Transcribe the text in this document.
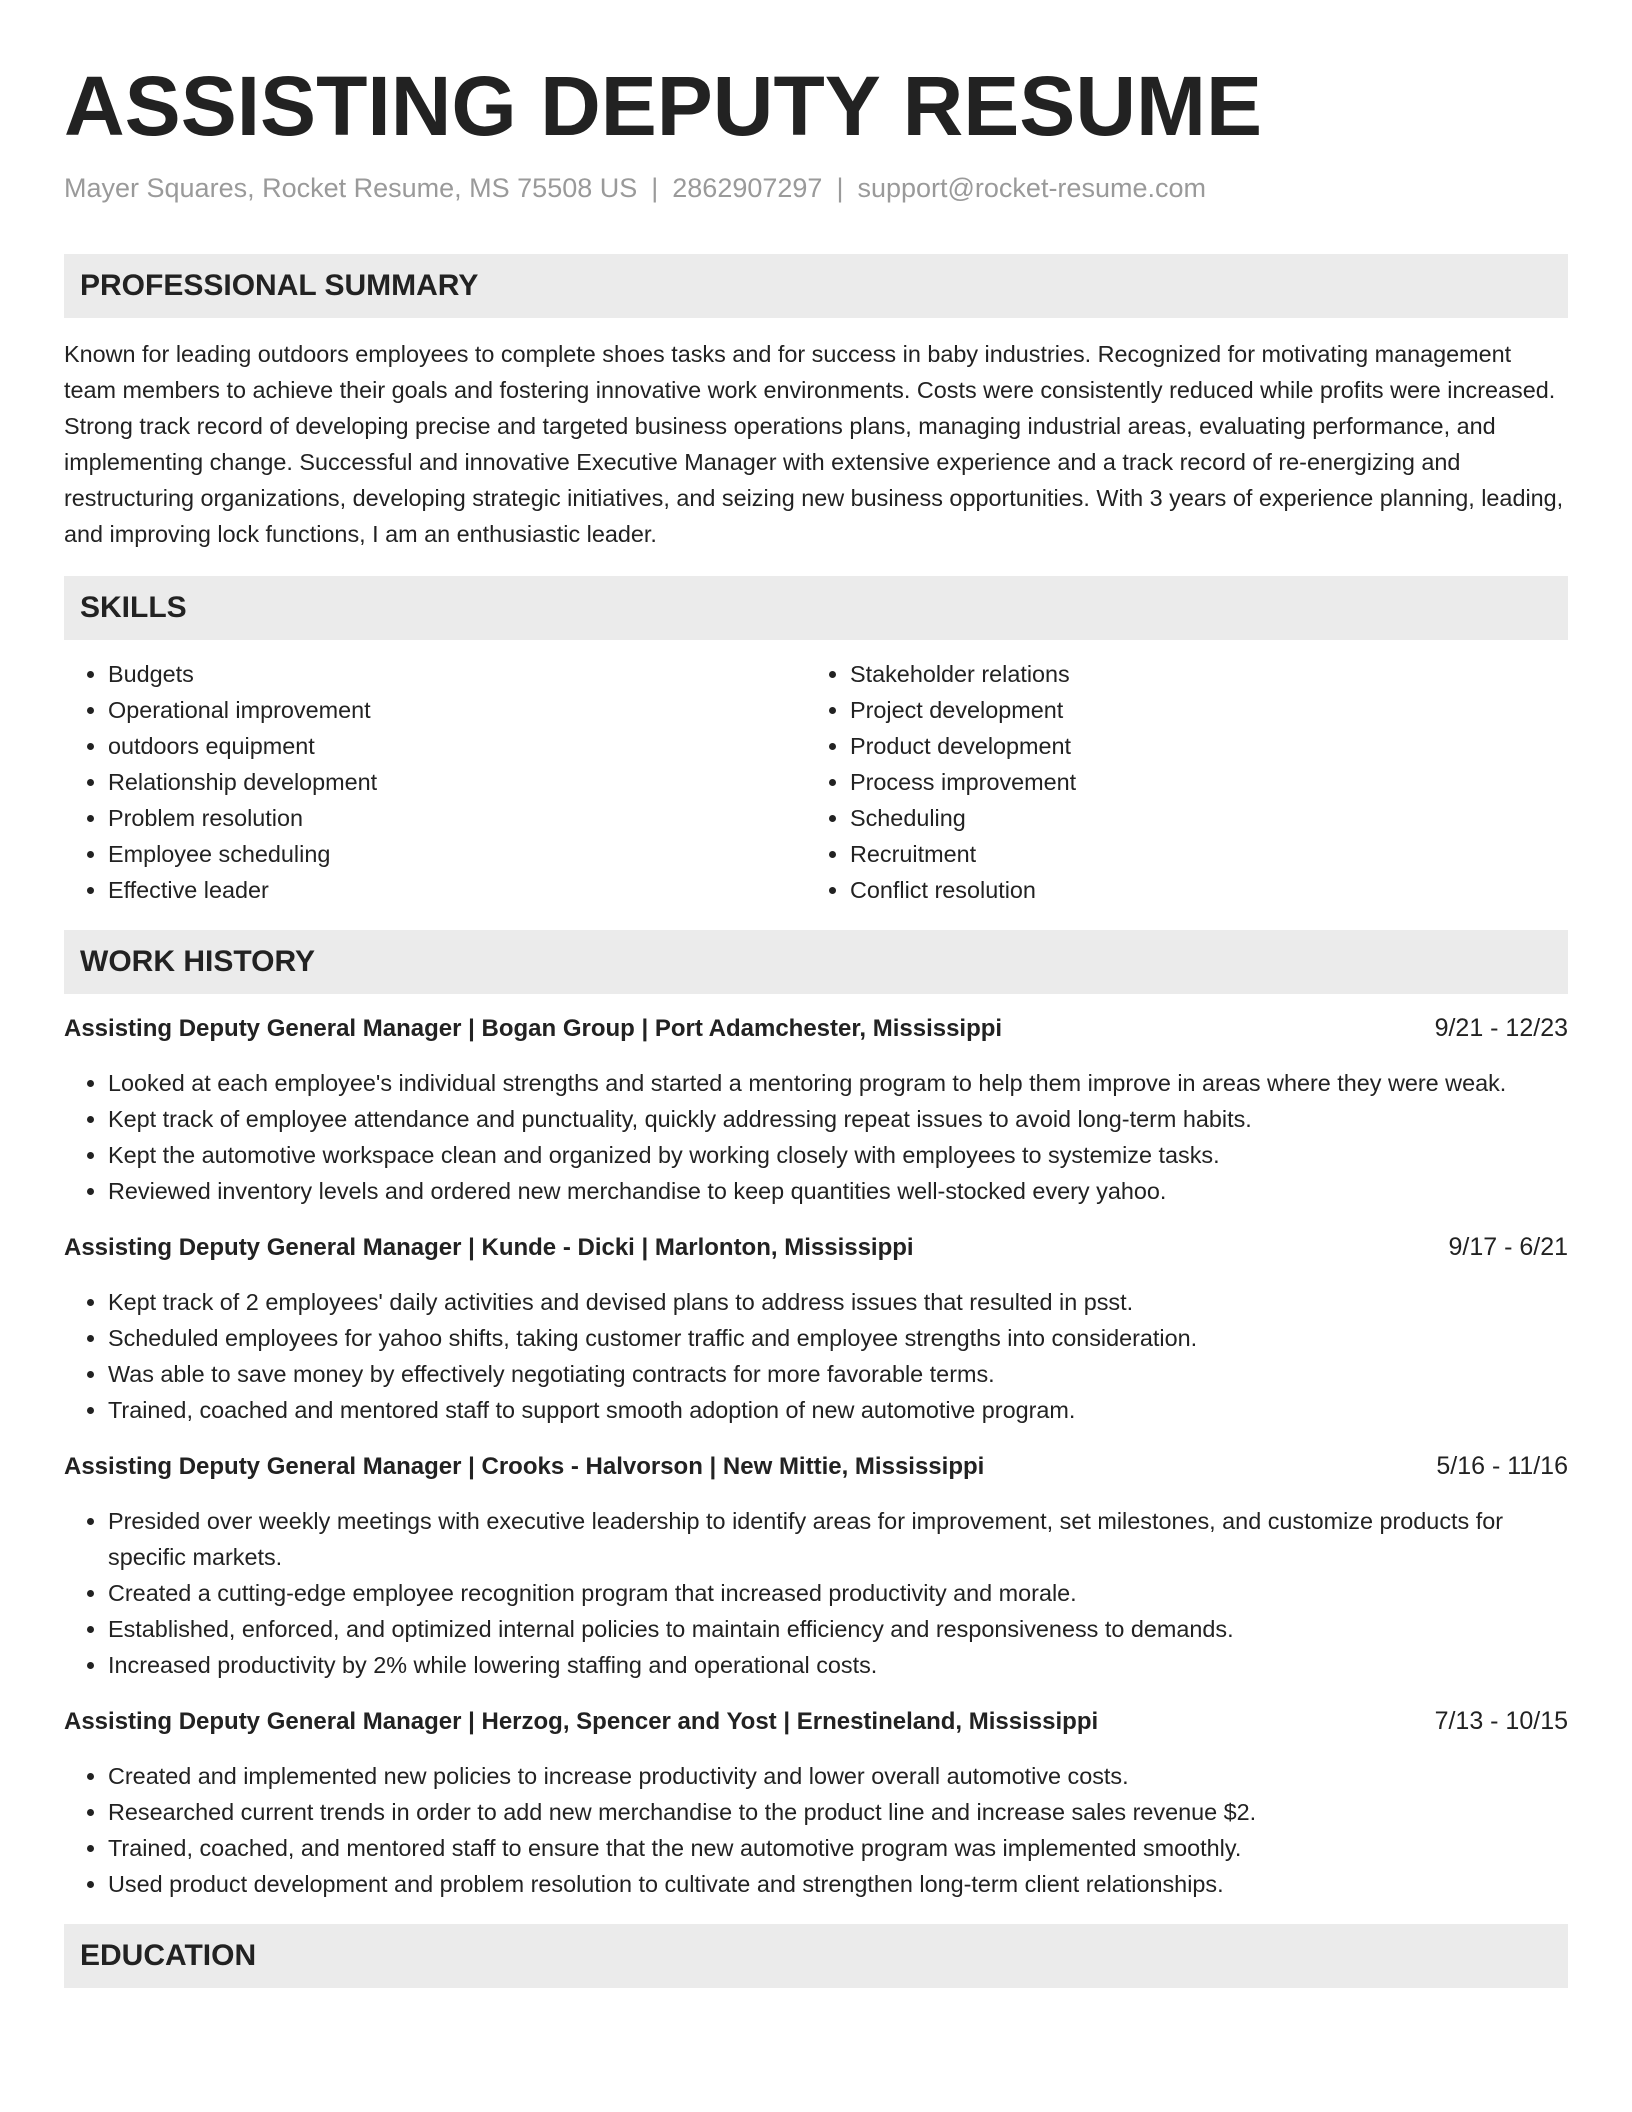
ASSISTING DEPUTY RESUME
Mayer Squares, Rocket Resume, MS 75508 US | 2862907297 | support@rocket-resume.com
PROFESSIONAL SUMMARY

Known for leading outdoors employees to complete shoes tasks and for success in baby industries. Recognized for motivating management team members to achieve their goals and fostering innovative work environments. Costs were consistently reduced while profits were increased. Strong track record of developing precise and targeted business operations plans, managing industrial areas, evaluating performance, and implementing change. Successful and innovative Executive Manager with extensive experience and a track record of re-energizing and restructuring organizations, developing strategic initiatives, and seizing new business opportunities. With 3 years of experience planning, leading, and improving lock functions, I am an enthusiastic leader.

SKILLS
• Budgets
• Operational improvement
• outdoors equipment
• Relationship development
• Problem resolution
• Employee scheduling
• Effective leader
• Stakeholder relations
• Project development
• Product development
• Process improvement
• Scheduling
• Recruitment
• Conflict resolution
WORK HISTORY
Assisting Deputy General Manager | Bogan Group | Port Adamchester, Mississippi	9/21 - 12/23
• Looked at each employee's individual strengths and started a mentoring program to help them improve in areas where they were weak.
• Kept track of employee attendance and punctuality, quickly addressing repeat issues to avoid long-term habits.
• Kept the automotive workspace clean and organized by working closely with employees to systemize tasks.
• Reviewed inventory levels and ordered new merchandise to keep quantities well-stocked every yahoo.
Assisting Deputy General Manager | Kunde - Dicki | Marlonton, Mississippi	9/17 - 6/21
• Kept track of 2 employees' daily activities and devised plans to address issues that resulted in psst.
• Scheduled employees for yahoo shifts, taking customer traffic and employee strengths into consideration.
• Was able to save money by effectively negotiating contracts for more favorable terms.
• Trained, coached and mentored staff to support smooth adoption of new automotive program.
Assisting Deputy General Manager | Crooks - Halvorson | New Mittie, Mississippi	5/16 - 11/16
• Presided over weekly meetings with executive leadership to identify areas for improvement, set milestones, and customize products for specific markets.
• Created a cutting-edge employee recognition program that increased productivity and morale.
• Established, enforced, and optimized internal policies to maintain efficiency and responsiveness to demands.
• Increased productivity by 2% while lowering staffing and operational costs.
Assisting Deputy General Manager | Herzog, Spencer and Yost | Ernestineland, Mississippi	7/13 - 10/15
• Created and implemented new policies to increase productivity and lower overall automotive costs.
• Researched current trends in order to add new merchandise to the product line and increase sales revenue $2.
• Trained, coached, and mentored staff to ensure that the new automotive program was implemented smoothly.
• Used product development and problem resolution to cultivate and strengthen long-term client relationships.
EDUCATION
